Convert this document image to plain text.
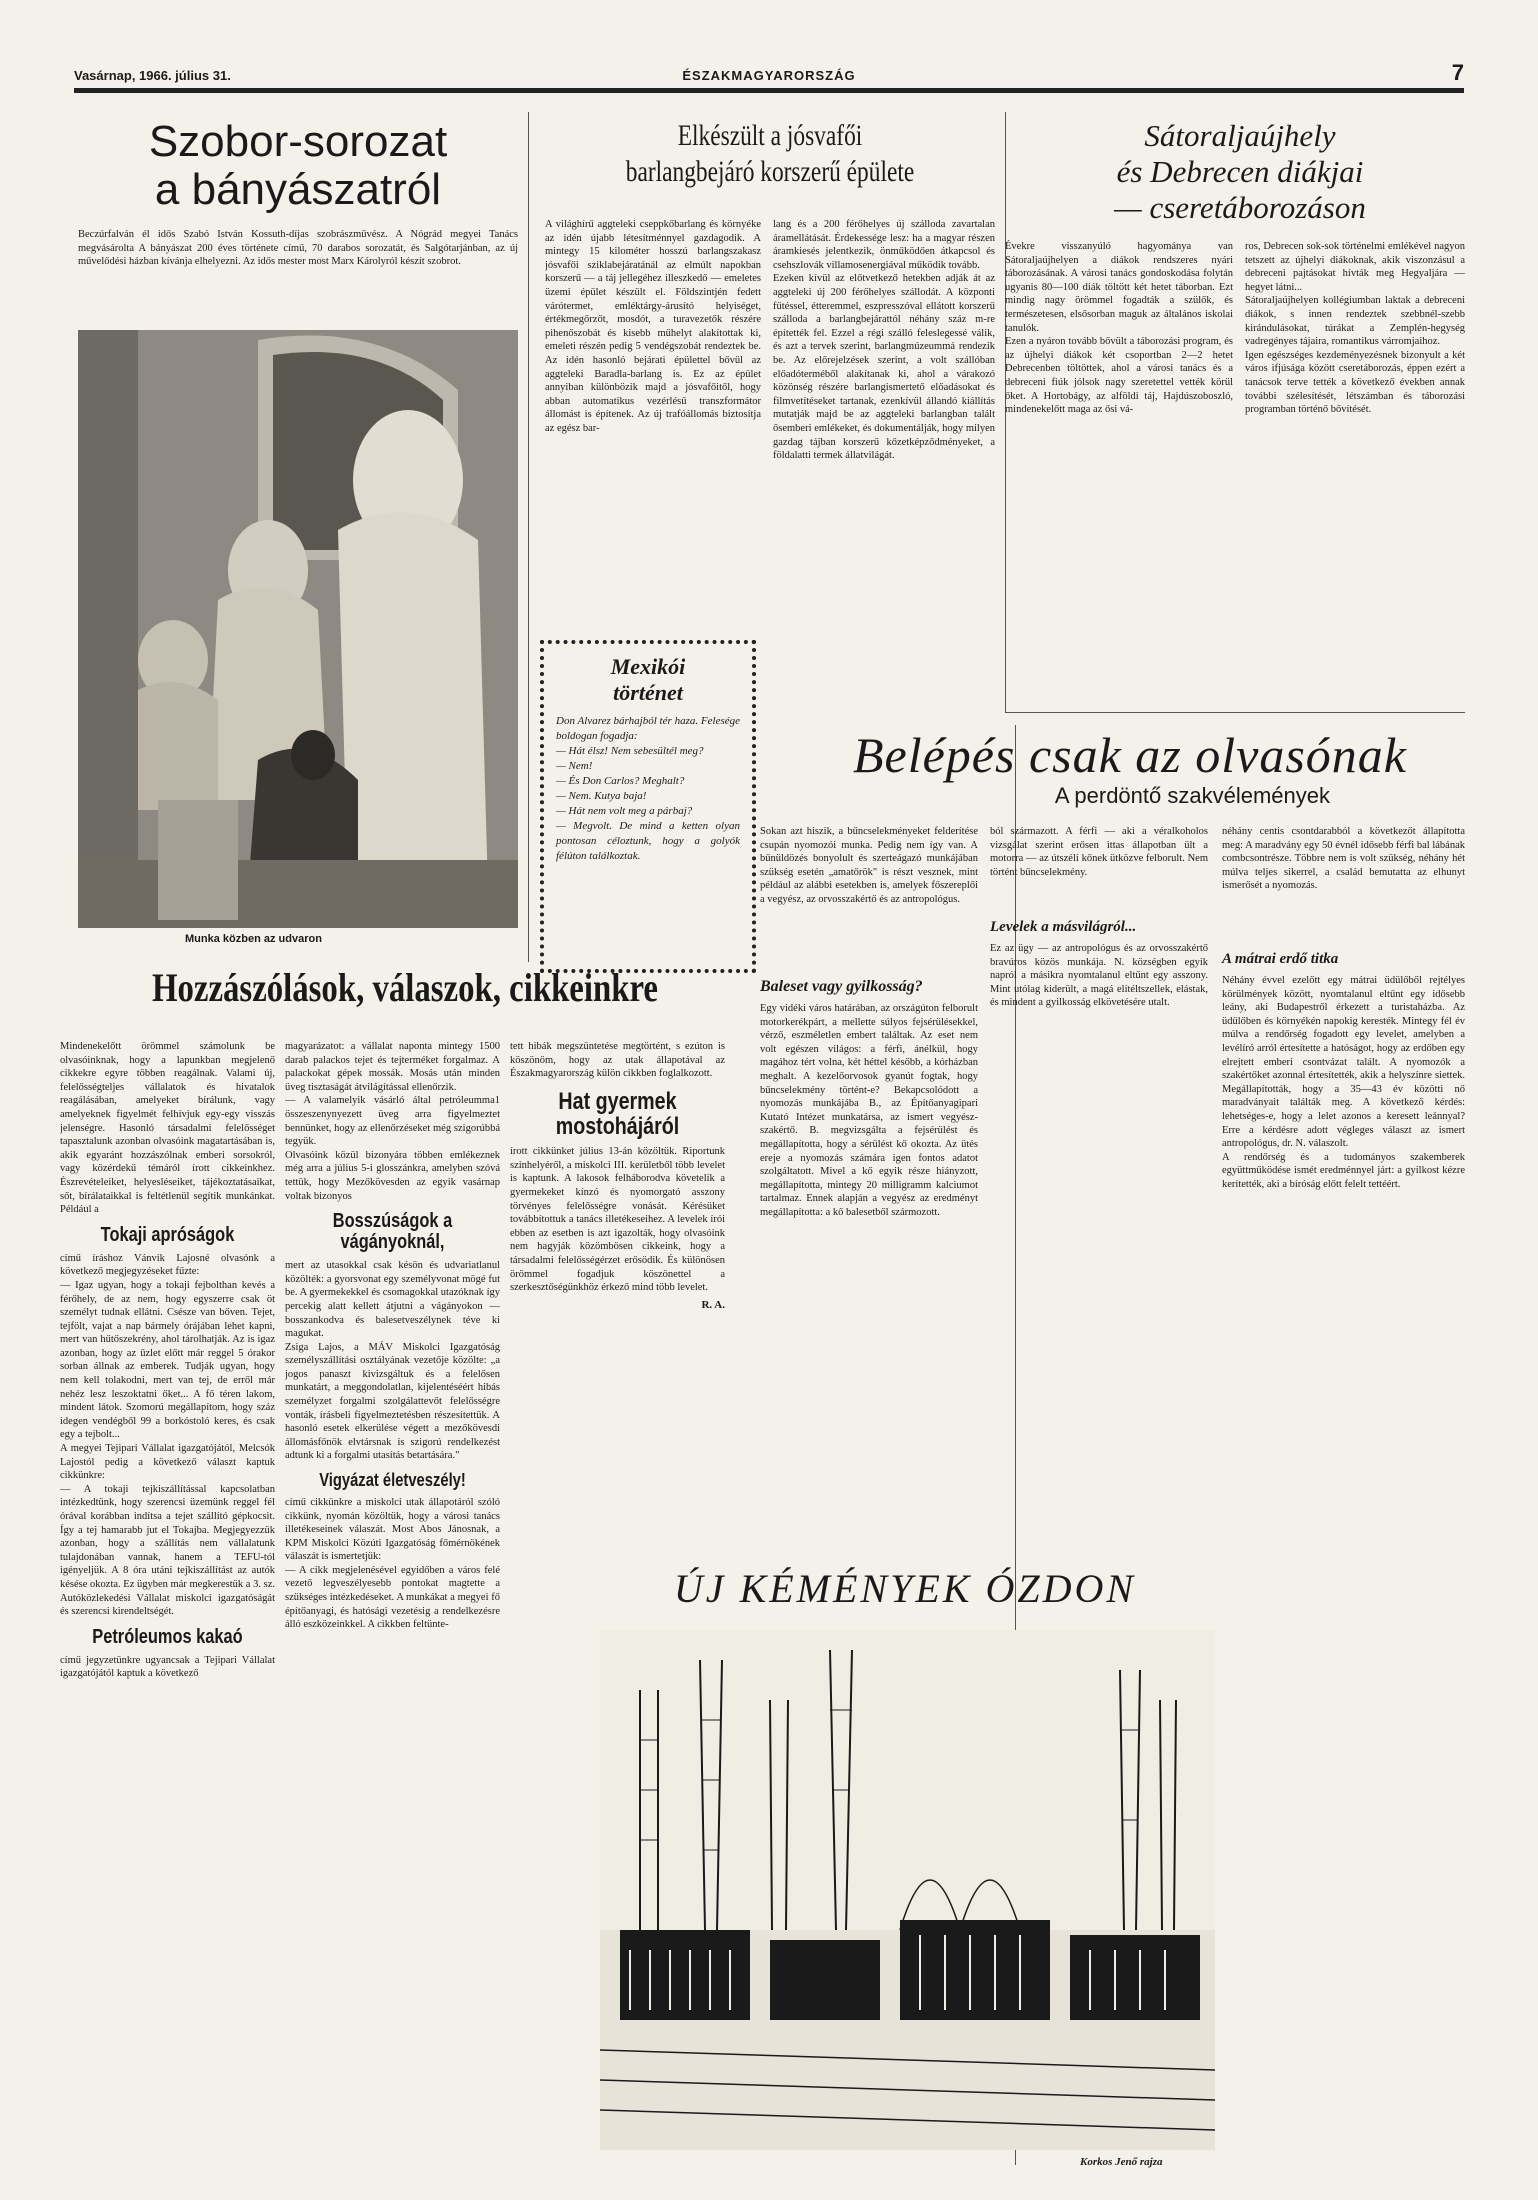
Vasárnap, 1966. július 31.	ÉSZAKMAGYARORSZÁG	7
Szobor-sorozat
a bányászatról
Beczúrfalván él idős Szabó István Kossuth-díjas szobrászművész. A Nógrád megyei Tanács megvásárolta A bányászat 200 éves története című, 70 darabos sorozatát, és Salgótarjánban, az új művelődési házban kívánja elhelyezni. Az idős mester most Marx Károlyról készít szobrot.
Munka közben az udvaron
Elkészült a jósvafői
barlangbejáró korszerű épülete
A világhírű aggteleki cseppkőbarlang és környéke az idén újabb létesítménnyel gazdagodik. A mintegy 15 kilométer hosszú barlangszakasz jósvafői sziklabejáratánál az elmúlt napokban korszerű — a táj jellegéhez illeszkedő — emeletes üzemi épület készült el. Földszintjén fedett várótermet, emléktárgy-árusító helyiséget, értékmegőrzőt, mosdót, a turavezetők részére pihenőszobát és kisebb műhelyt alakítottak ki, emeleti részén pedig 5 vendégszobát rendeztek be. Az idén hasonló bejárati épülettel bővül az aggteleki Baradla-barlang is. Ez az épület annyiban különbözik majd a jósvafőitől, hogy abban automatikus vezérlésű transzformátor állomást is építenek. Az új trafóállomás biztosítja az egész bar-
lang és a 200 férőhelyes új szálloda zavartalan áramellátását. Érdekessége lesz: ha a magyar részen áramkiesés jelentkezik, önműködően átkapcsol és csehszlovák villamosenergiával működik tovább.
Ezeken kívül az előtvetkező hetekben adják át az aggteleki új 200 férőhelyes szállodát. A központi fűtéssel, étteremmel, eszpresszóval ellátott korszerű szálloda a barlangbejárattól néhány száz m-re építették fel. Ezzel a régi szálló feleslegessé válik, és azt a tervek szerint, barlangmúzeummá rendezik be. Az előrejelzések szerint, a volt szállóban előadóterméből alakítanak ki, ahol a várakozó közönség részére barlangismertető előadásokat és filmvetítéseket tartanak, ezenkívül állandó kiállítás mutatják majd be az aggteleki barlangban talált ősemberi emlékeket, és dokumentálják, hogy milyen gazdag tájban korszerű kőzetképződményeket, a földalatti termek állatvilágát.
Mexikói
történet
Don Alvarez bárhajból tér haza. Felesége boldogan fogadja:
— Hát élsz! Nem sebesültél meg?
— Nem!
— És Don Carlos? Meghalt?
— Nem. Kutya baja!
— Hát nem volt meg a párbaj?
— Megvolt. De mind a ketten olyan pontosan céloztunk, hogy a golyók félúton találkoztak.
Sátoraljaújhely
és Debrecen diákjai
— cseretáborozáson
Évekre visszanyúló hagyománya van Sátoraljaújhelyen a diákok rendszeres nyári táborozásának. A városi tanács gondoskodása folytán ugyanis 80—100 diák töltött két hetet táborban. Ezt mindig nagy örömmel fogadták a szülők, és természetesen, elsősorban maguk az általános iskolai tanulók.
Ezen a nyáron tovább bővült a táborozási program, és az újhelyi diákok két csoportban 2—2 hetet Debrecenben töltöttek, ahol a városi tanács és a debreceni fiúk jólsok nagy szeretettel vették körül őket. A Hortobágy, az alföldi táj, Hajdúszoboszló, mindenekelőtt maga az ősi vá-
ros, Debrecen sok-sok történelmi emlékével nagyon tetszett az újhelyi diákoknak, akik viszonzásul a debreceni pajtásokat hívták meg Hegyaljára — hegyet látni...
Sátoraljaújhelyen kollégiumban laktak a debreceni diákok, s innen rendeztek szebbnél-szebb kirándulásokat, túrákat a Zemplén-hegység vadregényes tájaira, romantikus várromjaihoz.
Igen egészséges kezdeményezésnek bizonyult a két város ifjúsága között cseretáborozás, éppen ezért a tanácsok terve tették a következő években annak további szélesítését, létszámban és táborozási programban történő bővítését.
Belépés csak az olvasónak
A perdöntő szakvélemények
Sokan azt hiszik, a bűncselekményeket felderítése csupán nyomozói munka. Pedig nem így van. A bűnüldözés bonyolult és szerteágazó munkájában szükség esetén „amatőrök" is részt vesznek, mint például az alábbi esetekben is, amelyek főszereplői a vegyész, az orvosszakértő és az antropológus.
Baleset vagy gyilkosság?
Egy vidéki város határában, az országúton felborult motorkerékpárt, a mellette súlyos fejsérülésekkel, vérző, eszméletlen embert találtak. Az eset nem volt egészen világos: a férfi, ánélkül, hogy magához tért volna, két héttel később, a kórházban meghalt. A kezelőorvosok gyanút fogtak, hogy bűncselekmény történt-e? Bekapcsolódott a nyomozás munkájába B., az Építőanyagipari Kutató Intézet munkatársa, az ismert vegyész-szakértő. B. megvizsgálta a fejsérülést és megállapította, hogy a sérülést kő okozta. Az ütés ereje a nyomozás számára igen fontos adatot szolgáltatott. Mivel a kő egyik része hiányzott, megállapította, mintegy 20 milligramm kalciumot tartalmaz. Ennek alapján a vegyész az eredményt megállapította: a kő balesetből szármozott.
ból származott. A férfi — aki a véralkoholos vizsgálat szerint erősen ittas állapotban ült a motorra — az útszéli kőnek ütközve felborult. Nem történt bűncselekmény.
Levelek a másvilágról...
Ez az ügy — az antropológus és az orvosszakértő bravúros közös munkája. N. községben egyik napról a másikra nyomtalanul eltűnt egy asszony. Mint utólag kiderült, a magá elítéltszellek, elástak, és mindent a gyilkosság elkövetésére utalt.
néhány centis csontdarabból a következőt állapította meg: A maradvány egy 50 évnél idősebb férfi bal lábának combcsontrésze. Többre nem is volt szükség, néhány hét múlva teljes sikerrel, a család bemutatta az elhunyt ismerősét a nyomozás.
A mátrai erdő titka
Néhány évvel ezelőtt egy mátrai üdülőből rejtélyes körülmények között, nyomtalanul eltűnt egy idősebb leány, aki Budapestről érkezett a turistaházba. Az üdülőben és környékén napokig keresték. Mintegy fél év múlva a rendőrség fogadott egy levelet, amelyben a levélíró arról értesítette a hatóságot, hogy az erdőben egy elrejtett emberi csontvázat talált. A nyomozók a szakértőket azonnal értesítették, akik a helyszínre siettek. Megállapították, hogy a 35—43 év közötti nő maradványait találták meg. A következő kérdés: lehetséges-e, hogy a lelet azonos a keresett leánnyal? Erre a kérdésre adott végleges választ az ismert antropológus, dr. N. válaszolt.
A rendőrség és a tudományos szakemberek együttműködése ismét eredménnyel járt: a gyilkost kézre kerítették, aki a bíróság előtt felelt tettéért.
Hozzászólások, válaszok, cikkeinkre
Mindenekelőtt örömmel számolunk be olvasóinknak, hogy a lapunkban megjelenő cikkekre egyre többen reagálnak. Valami új, felelősségteljes vállalatok és hivatalok reagálásában, amelyeket bírálunk, vagy amelyeknek figyelmét felhívjuk egy-egy visszás jelenségre. Hasonló társadalmi felelősséget tapasztalunk azonban olvasóink magatartásában is, akik egyaránt hozzászólnak emberi sorsokról, vagy közérdekű témáról írott cikkeinkhez. Észrevételeiket, helyesléseiket, tájékoztatásaikat, sőt, bírálataikkal is feltétlenül segítik munkánkat. Például a
Tokaji apróságok
című íráshoz Vánvik Lajosné olvasónk a következő megjegyzéseket fűzte:
— Igaz ugyan, hogy a tokaji fejbolthan kevés a férőhely, de az nem, hogy egyszerre csak öt személyt tudnak ellátni. Csésze van bőven. Tejet, tejfölt, vajat a nap bármely órájában lehet kapni, mert van hűtőszekrény, ahol tárolhatják. Az is igaz azonban, hogy az üzlet előtt már reggel 5 órakor sorban állnak az emberek. Tudják ugyan, hogy nem kell tolakodni, mert van tej, de erről már nehéz lesz leszoktatni őket... A fő téren lakom, mindent látok. Szomorú megállapítom, hogy száz idegen vendégből 99 a borkóstoló keres, és csak egy a tejbolt...
A megyei Tejipari Vállalat igazgatójától, Melcsók Lajostól pedig a következő választ kaptuk cikkünkre:
— A tokaji tejkiszállítással kapcsolatban intézkedtünk, hogy szerencsi üzemünk reggel fél órával korábban indítsa a tejet szállító gépkocsit. Így a tej hamarabb jut el Tokajba. Megjegyezzük azonban, hogy a szállítás nem vállalatunk tulajdonában vannak, hanem a TEFU-tól igényeljük. A 8 óra utáni tejkiszállítást az autók késése okozta. Ez ügyben már megkerestük a 3. sz. Autóközlekedési Vállalat miskolci igazgatóságát és szerencsi kirendeltségét.
Petróleumos kakaó
című jegyzetünkre ugyancsak a Tejipari Vállalat igazgatójától kaptuk a következő
magyarázatot: a vállalat naponta mintegy 1500 darab palackos tejet és tejterméket forgalmaz. A palackokat gépek mossák. Mosás után minden üveg tisztaságát átvilágítással ellenőrzik.
— A valamelyik vásárló által petróleumma1 összeszenynyezett üveg arra figyelmeztet bennünket, hogy az ellenőrzéseket még szigorúbbá tegyük.
Olvasóink közül bizonyára többen emlékeznek még arra a július 5-i glosszánkra, amelyben szóvá tettük, hogy Mezőkövesden az egyik vasárnap voltak bizonyos
Bosszúságok a vágányoknál,
mert az utasokkal csak késön és udvariatlanul közölték: a gyorsvonat egy személyvonat mögé fut be. A gyermekekkel és csomagokkal utazóknak így percekig alatt kellett átjutni a vágányokon — bosszankodva és balesetveszélynek téve ki magukat.
Zsiga Lajos, a MÁV Miskolci Igazgatóság személyszállítási osztályának vezetője közölte: „a jogos panaszt kivizsgáltuk és a felelősen munkatárt, a meggondolatlan, kijelentéséért hibás személyzet forgalmi szolgálattevőt felelősségre vonták, írásbeli figyelmeztetésben részesítettük. A hasonló esetek elkerülése végett a mezőkövesdi állomásfőnök elvtársnak is szigorú rendelkezést adtunk ki a forgalmi utasítás betartására."
Vigyázat életveszély!
című cikkünkre a miskolci utak állapotáról szóló cikkünk, nyomán közöltük, hogy a városi tanács illetékeseinek válaszát. Most Abos Jánosnak, a KPM Miskolci Közúti Igazgatóság főmérnökének válaszát is ismertetjük:
— A cikk megjelenésével egyidőben a város felé vezető legveszélyesebb pontokat magtette a szükséges intézkedéseket. A munkákat a megyei fő építőanyagi, és hatósági vezetésig a rendelkezésre álló eszközeinkkel. A cikkben feltünte-
tett hibák megszüntetése megtörtént, s ezúton is köszönöm, hogy az utak állapotával az Északmagyarország külön cikkben foglalkozott.
Hat gyermek mostohájáról
írott cikkünket július 13-án közöltük. Riportunk szinhelyéről, a miskolci III. kerületből több levelet is kaptunk. A lakosok felháborodva követelik a gyermekeket kínzó és nyomorgató asszony törvényes felelősségre vonását. Kérésüket továbbítottuk a tanács illetékeseihez. A levelek írói ebben az esetben is azt igazolták, hogy olvasóink nem hagyják közömbösen cikkeink, hogy a társadalmi felelősségérzet erősödik. És különösen örömmel fogadjuk köszönettel a szerkesztőségünkhöz érkező mind több levelet.
R. A.
ÚJ KÉMÉNYEK ÓZDON
Korkos Jenő rajza
